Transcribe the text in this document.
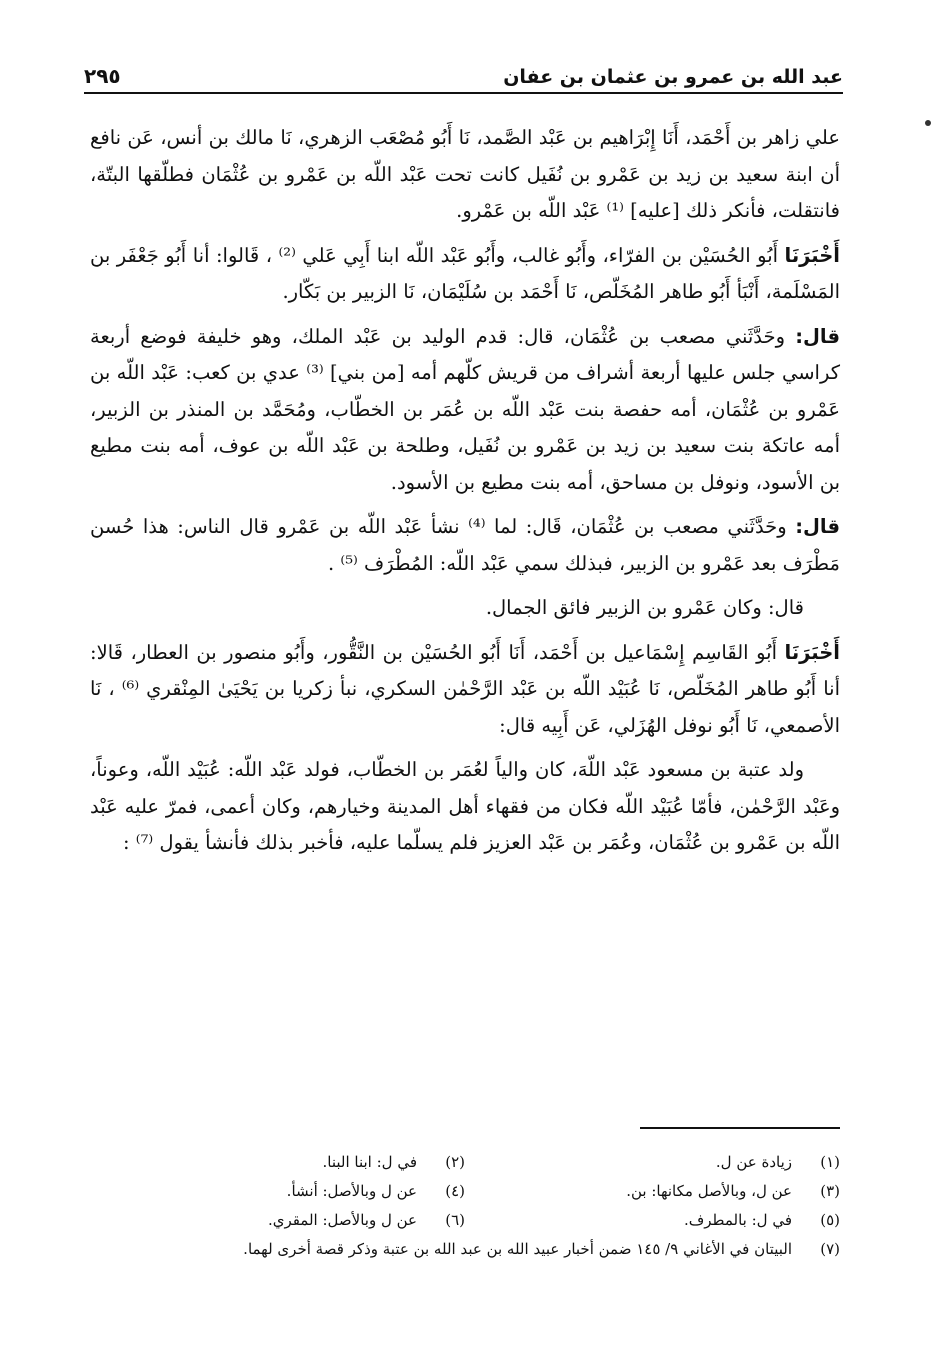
عبد الله بن عمرو بن عثمان بن عفان
٢٩٥

علي زاهر بن أَحْمَد، أَنَا إِبْرَاهيم بن عَبْد الصَّمد، نَا أَبُو مُصْعَب الزهري، نَا مالك بن أنس، عَن نافع أن ابنة سعيد بن زيد بن عَمْرو بن نُفَيل كانت تحت عَبْد اللّه بن عَمْرو بن عُثْمَان فطلّقها البتّة، فانتقلت، فأنكر ذلك [عليه] ⁽¹⁾ عَبْد اللّه بن عَمْرو.

أَخْبَرَنَا أَبُو الحُسَيْن بن الفرّاء، وأَبُو غالب، وأَبُو عَبْد اللّه ابنا أَبِي عَلي ⁽²⁾ ، قَالوا: أنا أَبُو جَعْفَر بن المَسْلَمة، أَنْبَأ أَبُو طاهر المُخَلّص، نَا أَحْمَد بن سُلَيْمَان، نَا الزبير بن بَكّار.

قال: وحَدَّثَني مصعب بن عُثْمَان، قال: قدم الوليد بن عَبْد الملك، وهو خليفة فوضع أربعة كراسي جلس عليها أربعة أشراف من قريش كلّهم أمه [من بني] ⁽³⁾ عدي بن كعب: عَبْد اللّه بن عَمْرو بن عُثْمَان، أمه حفصة بنت عَبْد اللّه بن عُمَر بن الخطّاب، ومُحَمَّد بن المنذر بن الزبير، أمه عاتكة بنت سعيد بن زيد بن عَمْرو بن نُفَيل، وطلحة بن عَبْد اللّه بن عوف، أمه بنت مطيع بن الأسود، ونوفل بن مساحق، أمه بنت مطيع بن الأسود.

قال: وحَدَّثَني مصعب بن عُثْمَان، قَال: لما ⁽⁴⁾ نشأ عَبْد اللّه بن عَمْرو قال الناس: هذا حُسن مَطْرَف بعد عَمْرو بن الزبير، فبذلك سمي عَبْد اللّه: المُطْرَف ⁽⁵⁾ .

قال: وكان عَمْرو بن الزبير فائق الجمال.

أَخْبَرَنَا أَبُو القَاسِم إِسْمَاعيل بن أَحْمَد، أَنَا أَبُو الحُسَيْن بن النَّقُّور، وأَبُو منصور بن العطار، قَالا: أنا أَبُو طاهر المُخَلّص، نَا عُبَيْد اللّه بن عَبْد الرَّحْمٰن السكري، نبأ زكريا بن يَحْيَىٰ المِنْقري ⁽⁶⁾ ، نَا الأصمعي، نَا أَبُو نوفل الهُزَلي، عَن أَبِيه قال:

ولد عتبة بن مسعود عَبْد اللّهَ، كان والياً لعُمَر بن الخطّاب، فولد عَبْد اللّه: عُبَيْد اللّه، وعوناً، وعَبْد الرَّحْمٰن، فأمّا عُبَيْد اللّه فكان من فقهاء أهل المدينة وخيارهم، وكان أعمى، فمرّ عليه عَبْد اللّه بن عَمْرو بن عُثْمَان، وعُمَر بن عَبْد العزيز فلم يسلّما عليه، فأخبر بذلك فأنشأ يقول ⁽⁷⁾ :

(١)
زيادة عن ل.
(٢)
في ل: ابنا البنا.
(٣)
عن ل، وبالأصل مكانها: بن.
(٤)
عن ل وبالأصل: أنشأ.
(٥)
في ل: بالمطرف.
(٦)
عن ل وبالأصل: المقري.
(٧)
البيتان في الأغاني ٩/ ١٤٥ ضمن أخبار عبيد الله بن عبد الله بن عتبة وذكر قصة أخرى لهما.
